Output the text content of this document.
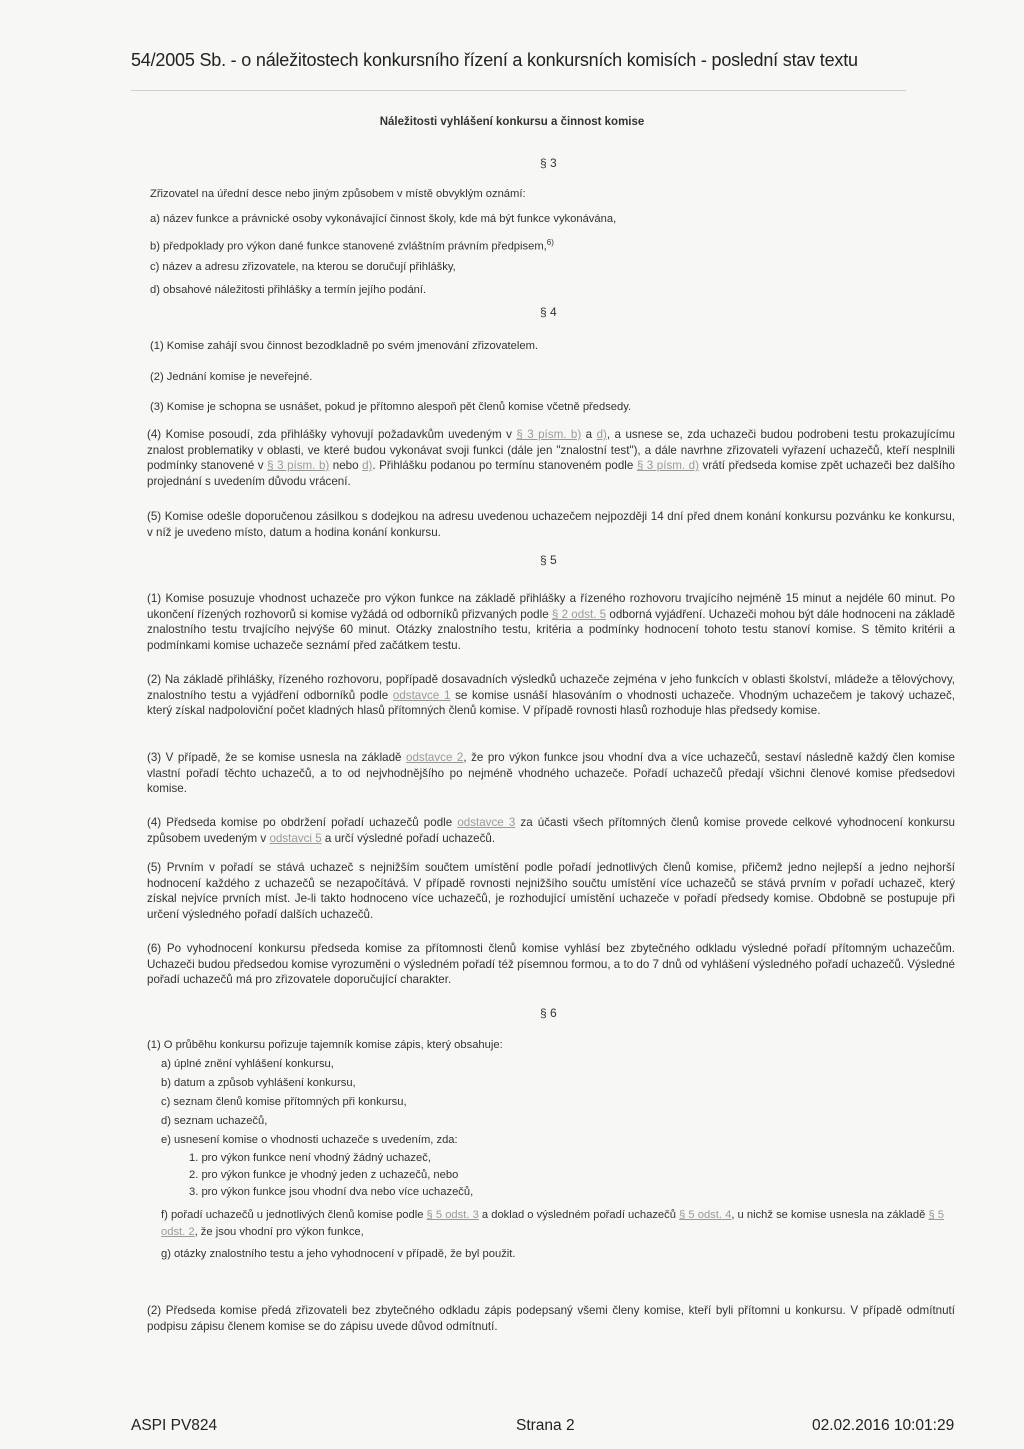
54/2005 Sb. - o náležitostech konkursního řízení a konkursních komisích - poslední stav textu
Náležitosti vyhlášení konkursu a činnost komise
§ 3
Zřizovatel na úřední desce nebo jiným způsobem v místě obvyklým oznámí:
a) název funkce a právnické osoby vykonávající činnost školy, kde má být funkce vykonávána,
b) předpoklady pro výkon dané funkce stanovené zvláštním právním předpisem,$^{6)}$
c) název a adresu zřizovatele, na kterou se doručují přihlášky,
d) obsahové náležitosti přihlášky a termín jejího podání.
§ 4
(1) Komise zahájí svou činnost bezodkladně po svém jmenování zřizovatelem.
(2) Jednání komise je neveřejné.
(3) Komise je schopna se usnášet, pokud je přítomno alespoň pět členů komise včetně předsedy.
(4) Komise posoudí, zda přihlášky vyhovují požadavkům uvedeným v § 3 písm. b) a d), a usnese se, zda uchazeči budou podrobeni testu prokazujícímu znalost problematiky v oblasti, ve které budou vykonávat svoji funkci (dále jen "znalostní test"), a dále navrhne zřizovateli vyřazení uchazečů, kteří nesplnili podmínky stanovené v § 3 písm. b) nebo d). Přihlášku podanou po termínu stanoveném podle § 3 písm. d) vrátí předseda komise zpět uchazeči bez dalšího projednání s uvedením důvodu vrácení.
(5) Komise odešle doporučenou zásilkou s dodejkou na adresu uvedenou uchazečem nejpozději 14 dní před dnem konání konkursu pozvánku ke konkursu, v níž je uvedeno místo, datum a hodina konání konkursu.
§ 5
(1) Komise posuzuje vhodnost uchazeče pro výkon funkce na základě přihlášky a řízeného rozhovoru trvajícího nejméně 15 minut a nejdéle 60 minut. Po ukončení řízených rozhovorů si komise vyžádá od odborníků přizvaných podle § 2 odst. 5 odborná vyjádření. Uchazeči mohou být dále hodnoceni na základě znalostního testu trvajícího nejvýše 60 minut. Otázky znalostního testu, kritéria a podmínky hodnocení tohoto testu stanoví komise. S těmito kritérii a podmínkami komise uchazeče seznámí před začátkem testu.
(2) Na základě přihlášky, řízeného rozhovoru, popřípadě dosavadních výsledků uchazeče zejména v jeho funkcích v oblasti školství, mládeže a tělovýchovy, znalostního testu a vyjádření odborníků podle odstavce 1 se komise usnáší hlasováním o vhodnosti uchazeče. Vhodným uchazečem je takový uchazeč, který získal nadpoloviční počet kladných hlasů přítomných členů komise. V případě rovnosti hlasů rozhoduje hlas předsedy komise.
(3) V případě, že se komise usnesla na základě odstavce 2, že pro výkon funkce jsou vhodní dva a více uchazečů, sestaví následně každý člen komise vlastní pořadí těchto uchazečů, a to od nejvhodnějšího po nejméně vhodného uchazeče. Pořadí uchazečů předají všichni členové komise předsedovi komise.
(4) Předseda komise po obdržení pořadí uchazečů podle odstavce 3 za účasti všech přítomných členů komise provede celkové vyhodnocení konkursu způsobem uvedeným v odstavci 5 a určí výsledné pořadí uchazečů.
(5) Prvním v pořadí se stává uchazeč s nejnižším součtem umístění podle pořadí jednotlivých členů komise, přičemž jedno nejlepší a jedno nejhorší hodnocení každého z uchazečů se nezapočítává. V případě rovnosti nejnižšího součtu umístění více uchazečů se stává prvním v pořadí uchazeč, který získal nejvíce prvních míst. Je-li takto hodnoceno více uchazečů, je rozhodující umístění uchazeče v pořadí předsedy komise. Obdobně se postupuje při určení výsledného pořadí dalších uchazečů.
(6) Po vyhodnocení konkursu předseda komise za přítomnosti členů komise vyhlásí bez zbytečného odkladu výsledné pořadí přítomným uchazečům. Uchazeči budou předsedou komise vyrozuměni o výsledném pořadí též písemnou formou, a to do 7 dnů od vyhlášení výsledného pořadí uchazečů. Výsledné pořadí uchazečů má pro zřizovatele doporučující charakter.
§ 6
(1) O průběhu konkursu pořizuje tajemník komise zápis, který obsahuje:
a) úplné znění vyhlášení konkursu,
b) datum a způsob vyhlášení konkursu,
c) seznam členů komise přítomných při konkursu,
d) seznam uchazečů,
e) usnesení komise o vhodnosti uchazeče s uvedením, zda:
1. pro výkon funkce není vhodný žádný uchazeč,
2. pro výkon funkce je vhodný jeden z uchazečů, nebo
3. pro výkon funkce jsou vhodní dva nebo více uchazečů,
f) pořadí uchazečů u jednotlivých členů komise podle § 5 odst. 3 a doklad o výsledném pořadí uchazečů § 5 odst. 4, u nichž se komise usnesla na základě § 5 odst. 2, že jsou vhodní pro výkon funkce,
g) otázky znalostního testu a jeho vyhodnocení v případě, že byl použit.
(2) Předseda komise předá zřizovateli bez zbytečného odkladu zápis podepsaný všemi členy komise, kteří byli přítomni u konkursu. V případě odmítnutí podpisu zápisu členem komise se do zápisu uvede důvod odmítnutí.
ASPI PV824	Strana 2	02.02.2016 10:01:29
